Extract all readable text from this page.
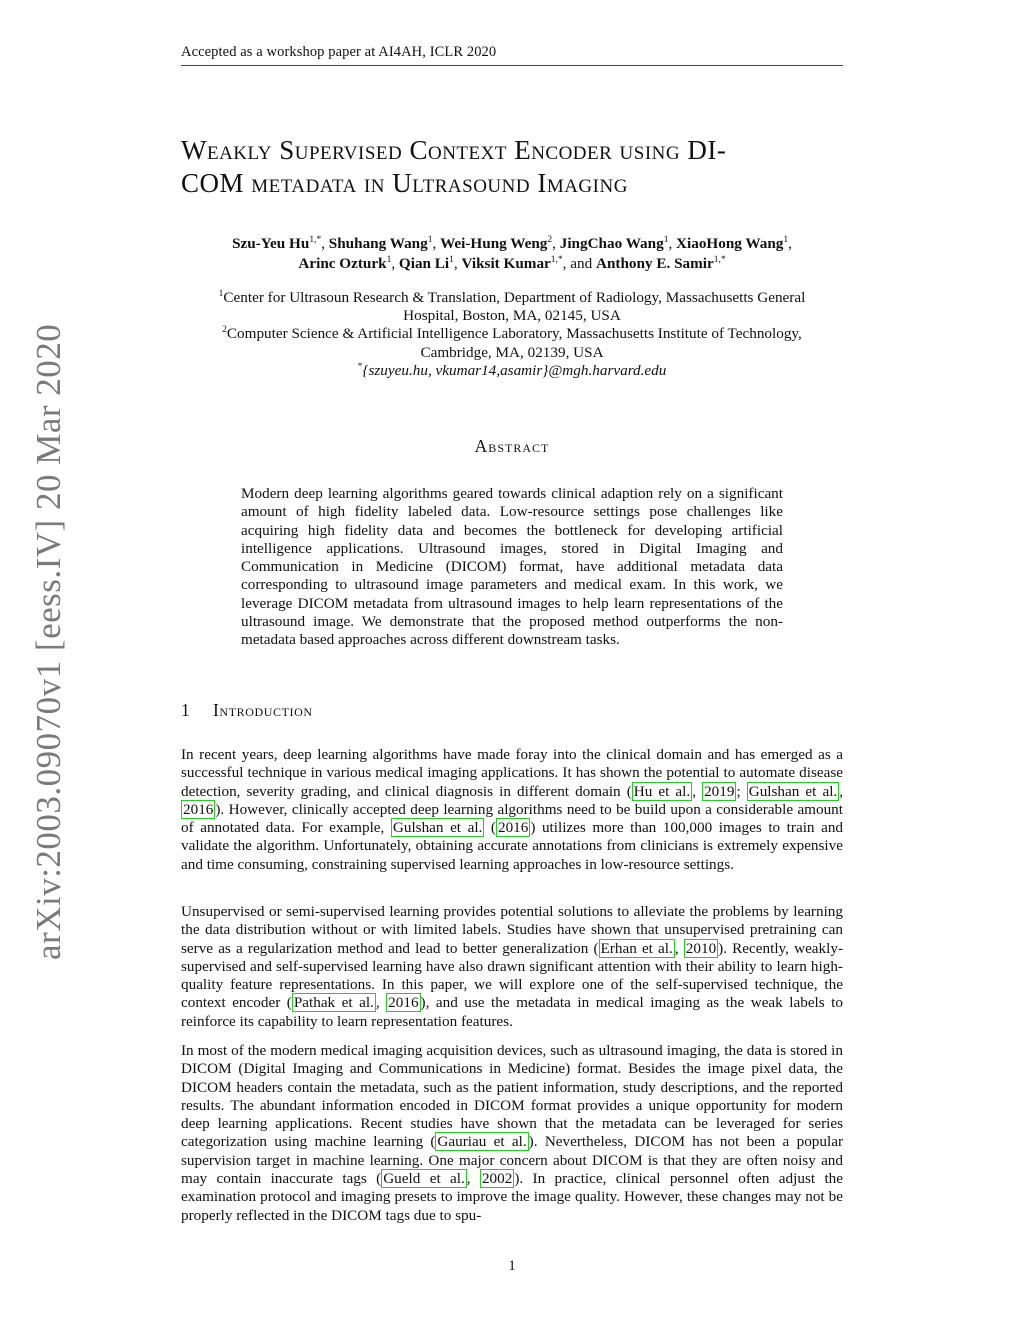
arXiv:2003.09070v1 [eess.IV] 20 Mar 2020
Accepted as a workshop paper at AI4AH, ICLR 2020
Weakly Supervised Context Encoder using DI-
COM metadata in Ultrasound Imaging
Szu-Yeu $Hu^{1,*}$, Shuhang Wang$^1$, Wei-Hung Weng$^2$, JingChao Wang$^1$, XiaoHong Wang$^1$,
Arinc Ozturk$^1$, Qian Li$^1$, Viksit Kumar$^{1,*}$, and Anthony E. Samir$^{1,*}$
$^1$Center for Ultrasoun Research & Translation, Department of Radiology, Massachusetts General
Hospital, Boston, MA, 02145, USA
$^2$Computer Science & Artificial Intelligence Laboratory, Massachusetts Institute of Technology,
Cambridge, MA, 02139, USA
*{szuyeu.hu, vkumar14,asamir}@mgh.harvard.edu
Abstract
Modern deep learning algorithms geared towards clinical adaption rely on a significant amount of high fidelity labeled data. Low-resource settings pose challenges like acquiring high fidelity data and becomes the bottleneck for developing artificial intelligence applications. Ultrasound images, stored in Digital Imaging and Communication in Medicine (DICOM) format, have additional metadata data corresponding to ultrasound image parameters and medical exam. In this work, we leverage DICOM metadata from ultrasound images to help learn representations of the ultrasound image. We demonstrate that the proposed method outperforms the non-metadata based approaches across different downstream tasks.
1 Introduction
In recent years, deep learning algorithms have made foray into the clinical domain and has emerged as a successful technique in various medical imaging applications. It has shown the potential to automate disease detection, severity grading, and clinical diagnosis in different domain ( Hu et al. , 2019 ; Gulshan et al. , 2016 ). However, clinically accepted deep learning algorithms need to be build upon a considerable amount of annotated data. For example, Gulshan et al. ( 2016 ) utilizes more than 100,000 images to train and validate the algorithm. Unfortunately, obtaining accurate annotations from clinicians is extremely expensive and time consuming, constraining supervised learning approaches in low-resource settings.
Unsupervised or semi-supervised learning provides potential solutions to alleviate the problems by learning the data distribution without or with limited labels. Studies have shown that unsupervised pretraining can serve as a regularization method and lead to better generalization ( Erhan et al. , 2010 ). Recently, weakly-supervised and self-supervised learning have also drawn significant attention with their ability to learn high-quality feature representations. In this paper, we will explore one of the self-supervised technique, the context encoder ( Pathak et al. , 2016 ), and use the metadata in medical imaging as the weak labels to reinforce its capability to learn representation features.
In most of the modern medical imaging acquisition devices, such as ultrasound imaging, the data is stored in DICOM (Digital Imaging and Communications in Medicine) format. Besides the image pixel data, the DICOM headers contain the metadata, such as the patient information, study descriptions, and the reported results. The abundant information encoded in DICOM format provides a unique opportunity for modern deep learning applications. Recent studies have shown that the metadata can be leveraged for series categorization using machine learning ( Gauriau et al. ). Nevertheless, DICOM has not been a popular supervision target in machine learning. One major concern about DICOM is that they are often noisy and may contain inaccurate tags ( Gueld et al. , 2002 ). In practice, clinical personnel often adjust the examination protocol and imaging presets to improve the image quality. However, these changes may not be properly reflected in the DICOM tags due to spu-
1
